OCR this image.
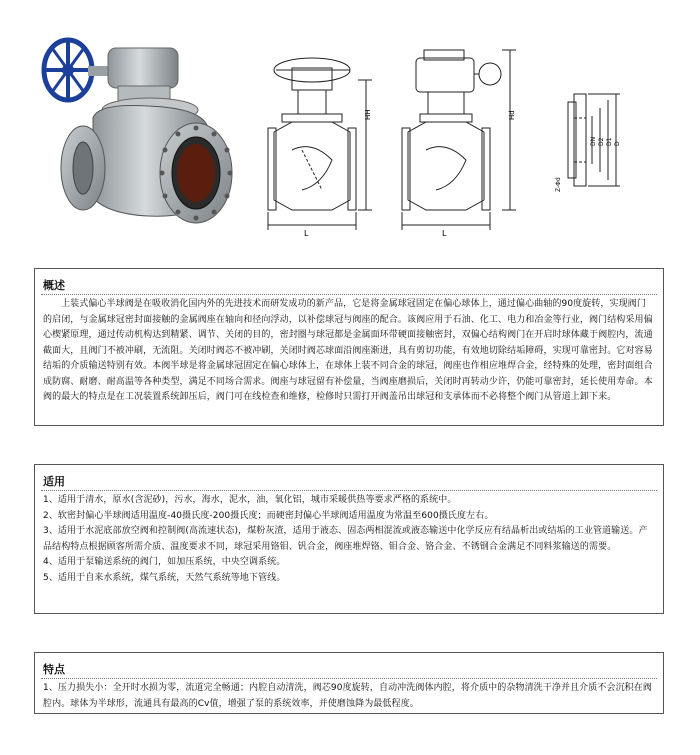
L
HH
L
Hd
DN D2 D1 D
Z-Φd
概述

上装式偏心半球阀是在吸收消化国内外的先进技术而研发成功的新产品，它是将金属球冠固定在偏心球体上，通过偏心曲轴的90度旋转，实现阀门的启闭，与金属球冠密封面接触的金属阀座在轴向和径向浮动，以补偿球冠与阀座的配合。该阀应用于石油、化工、电力和冶金等行业，阀门结构采用偏心楔紧原理，通过传动机构达到精紧、调节、关闭的目的，密封圈与球冠都是金属面环带硬面接触密封，双偏心结构阀门在开启时球体藏于阀腔内，流通截面大，且阀门不被冲刷，无流阻。关闭时阀芯不被冲刷，关闭时阀芯球面沿阀座渐进，具有剪切功能，有效地切除结垢障碍，实现可靠密封。它对容易结垢的介质输送特别有效。本阀半球是将金属球冠固定在偏心球体上，在球体上装不同合金的球冠，阀座也作相应堆焊合金，经特殊的处理，密封面组合成防腐、耐磨、耐高温等各种类型，满足不同场合需求。阀座与球冠留有补偿量，当阀座磨损后，关闭时再转动少许，仍能可靠密封，延长使用寿命。本阀的最大的特点是在工况装置系统卸压后，阀门可在线检查和维修，检修时只需打开阀盖吊出球冠和支承体而不必将整个阀门从管道上卸下来。

适用

1、适用于清水，原水(含泥砂)，污水，海水，泥水，油，氧化铝，城市采暖供热等要求严格的系统中。

2、软密封偏心半球阀适用温度-40摄氏度-200摄氏度；而硬密封偏心半球阀适用温度为常温至600摄氏度左右。

3、适用于水泥底部放空阀和控制阀(高流速状态)，煤粉灰渣，适用于液态、固态两相混流或液态输送中化学反应有结晶析出或结垢的工业管道输送。产品结构特点根据顾客所需介质、温度要求不同，球冠采用铬钼、钒合金，阀座堆焊铬、钼合金、铬合金、不锈钢合金满足不同料浆输送的需要。

4、适用于泵输送系统的阀门，如加压系统，中央空调系统。

5、适用于自来水系统，煤气系统，天然气系统等地下管线。

特点

1、压力损失小：全开时水损为零，流道完全畅通；内腔自动清洗，阀芯90度旋转，自动冲洗阀体内腔，将介质中的杂物清洗干净并且介质不会沉积在阀腔内。球体为半球形，流通具有最高的Cv值，增强了泵的系统效率，并使磨蚀降为最低程度。
